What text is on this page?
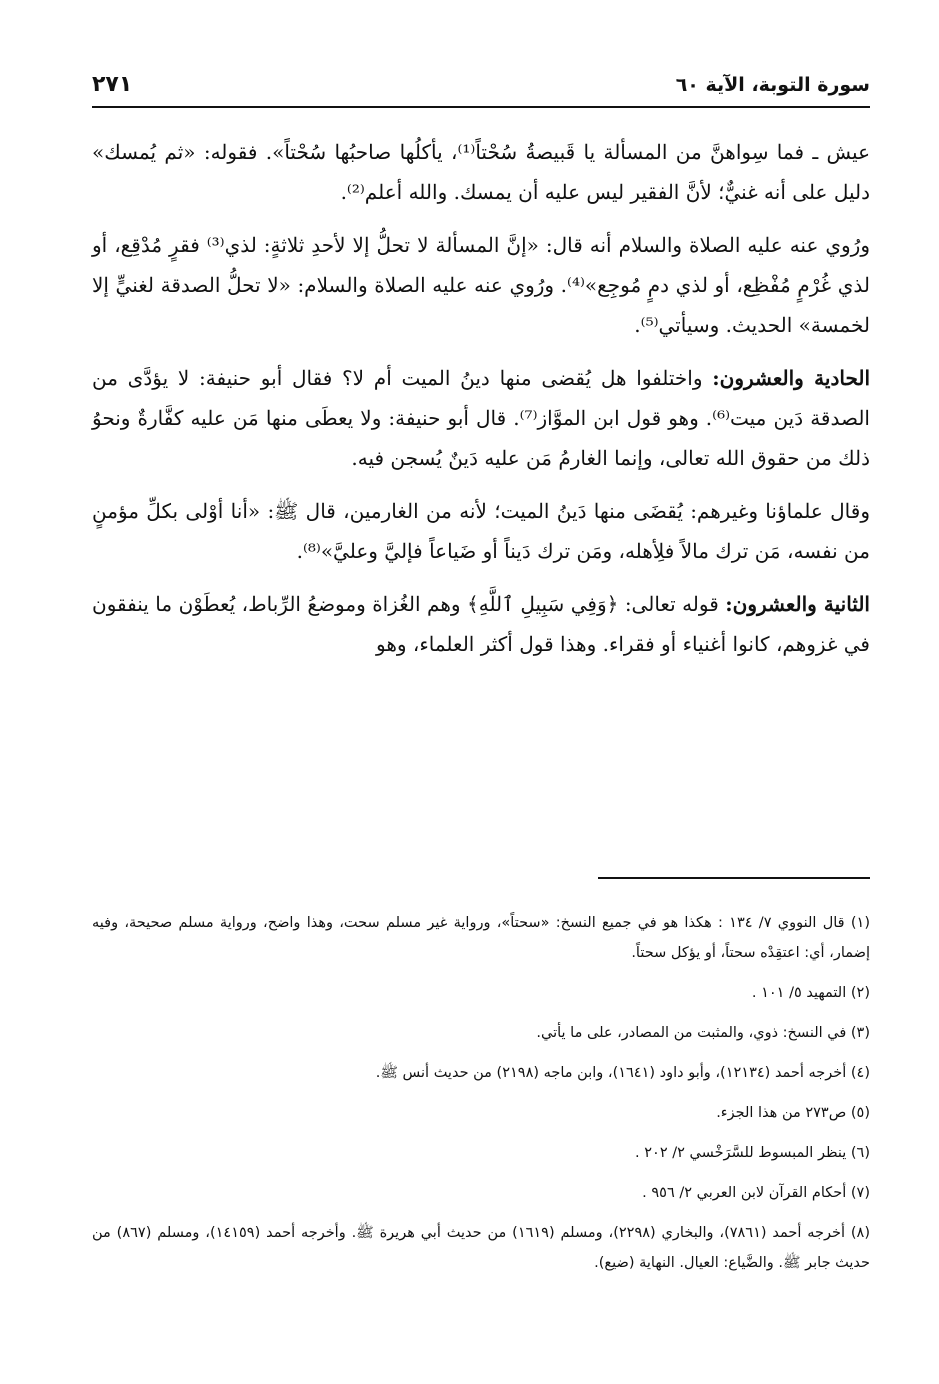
سورة التوبة، الآية ٦٠
٢٧١

عيش ـ فما سِواهنَّ من المسألة يا قَبيصةُ سُحْتاً⁽¹⁾، يأكلُها صاحبُها سُحْتاً». فقوله: «ثم يُمسك» دليل على أنه غنيٌّ؛ لأنَّ الفقير ليس عليه أن يمسك. والله أعلم⁽²⁾.

ورُوي عنه عليه الصلاة والسلام أنه قال: «إنَّ المسألة لا تحلُّ إلا لأحدِ ثلاثةٍ: لذي⁽³⁾ فقرٍ مُدْقِع، أو لذي غُرْمٍ مُفْظِع، أو لذي دمٍ مُوجِع»⁽⁴⁾. ورُوي عنه عليه الصلاة والسلام: «لا تحلُّ الصدقة لغنيٍّ إلا لخمسة» الحديث. وسيأتي⁽⁵⁾.

الحادية والعشرون: واختلفوا هل يُقضى منها دينُ الميت أم لا؟ فقال أبو حنيفة: لا يؤدَّى من الصدقة دَين ميت⁽⁶⁾. وهو قول ابن الموَّاز⁽⁷⁾. قال أبو حنيفة: ولا يعطَى منها مَن عليه كفَّارةٌ ونحوُ ذلك من حقوق الله تعالى، وإنما الغارمُ مَن عليه دَينٌ يُسجن فيه.

وقال علماؤنا وغيرهم: يُقضَى منها دَينُ الميت؛ لأنه من الغارمين، قال ﷺ: «أنا أوْلى بكلِّ مؤمنٍ من نفسه، مَن ترك مالاً فلِأهله، ومَن ترك دَيناً أو ضَياعاً فإليَّ وعليَّ»⁽⁸⁾.

الثانية والعشرون: قوله تعالى: ﴿وَفِي سَبِيلِ ٱللَّهِ﴾ وهم الغُزاة وموضعُ الرِّباط، يُعطَوْن ما ينفقون في غزوهم، كانوا أغنياء أو فقراء. وهذا قول أكثر العلماء، وهو

(١) قال النووي ٧/ ١٣٤ : هكذا هو في جميع النسخ: «سحتاً»، ورواية غير مسلم سحت، وهذا واضح، ورواية مسلم صحيحة، وفيه إضمار، أي: اعتقِدْه سحتاً، أو يؤكل سحتاً.
(٢) التمهيد ٥/ ١٠١ .
(٣) في النسخ: ذوي، والمثبت من المصادر، على ما يأتي.
(٤) أخرجه أحمد (١٢١٣٤)، وأبو داود (١٦٤١)، وابن ماجه (٢١٩٨) من حديث أنس ﷺ.
(٥) ص٢٧٣ من هذا الجزء.
(٦) ينظر المبسوط للسَّرَخْسي ٢/ ٢٠٢ .
(٧) أحكام القرآن لابن العربي ٢/ ٩٥٦ .
(٨) أخرجه أحمد (٧٨٦١)، والبخاري (٢٢٩٨)، ومسلم (١٦١٩) من حديث أبي هريرة ﷺ. وأخرجه أحمد (١٤١٥٩)، ومسلم (٨٦٧) من حديث جابر ﷺ. والضَّياع: العيال. النهاية (ضيع).
